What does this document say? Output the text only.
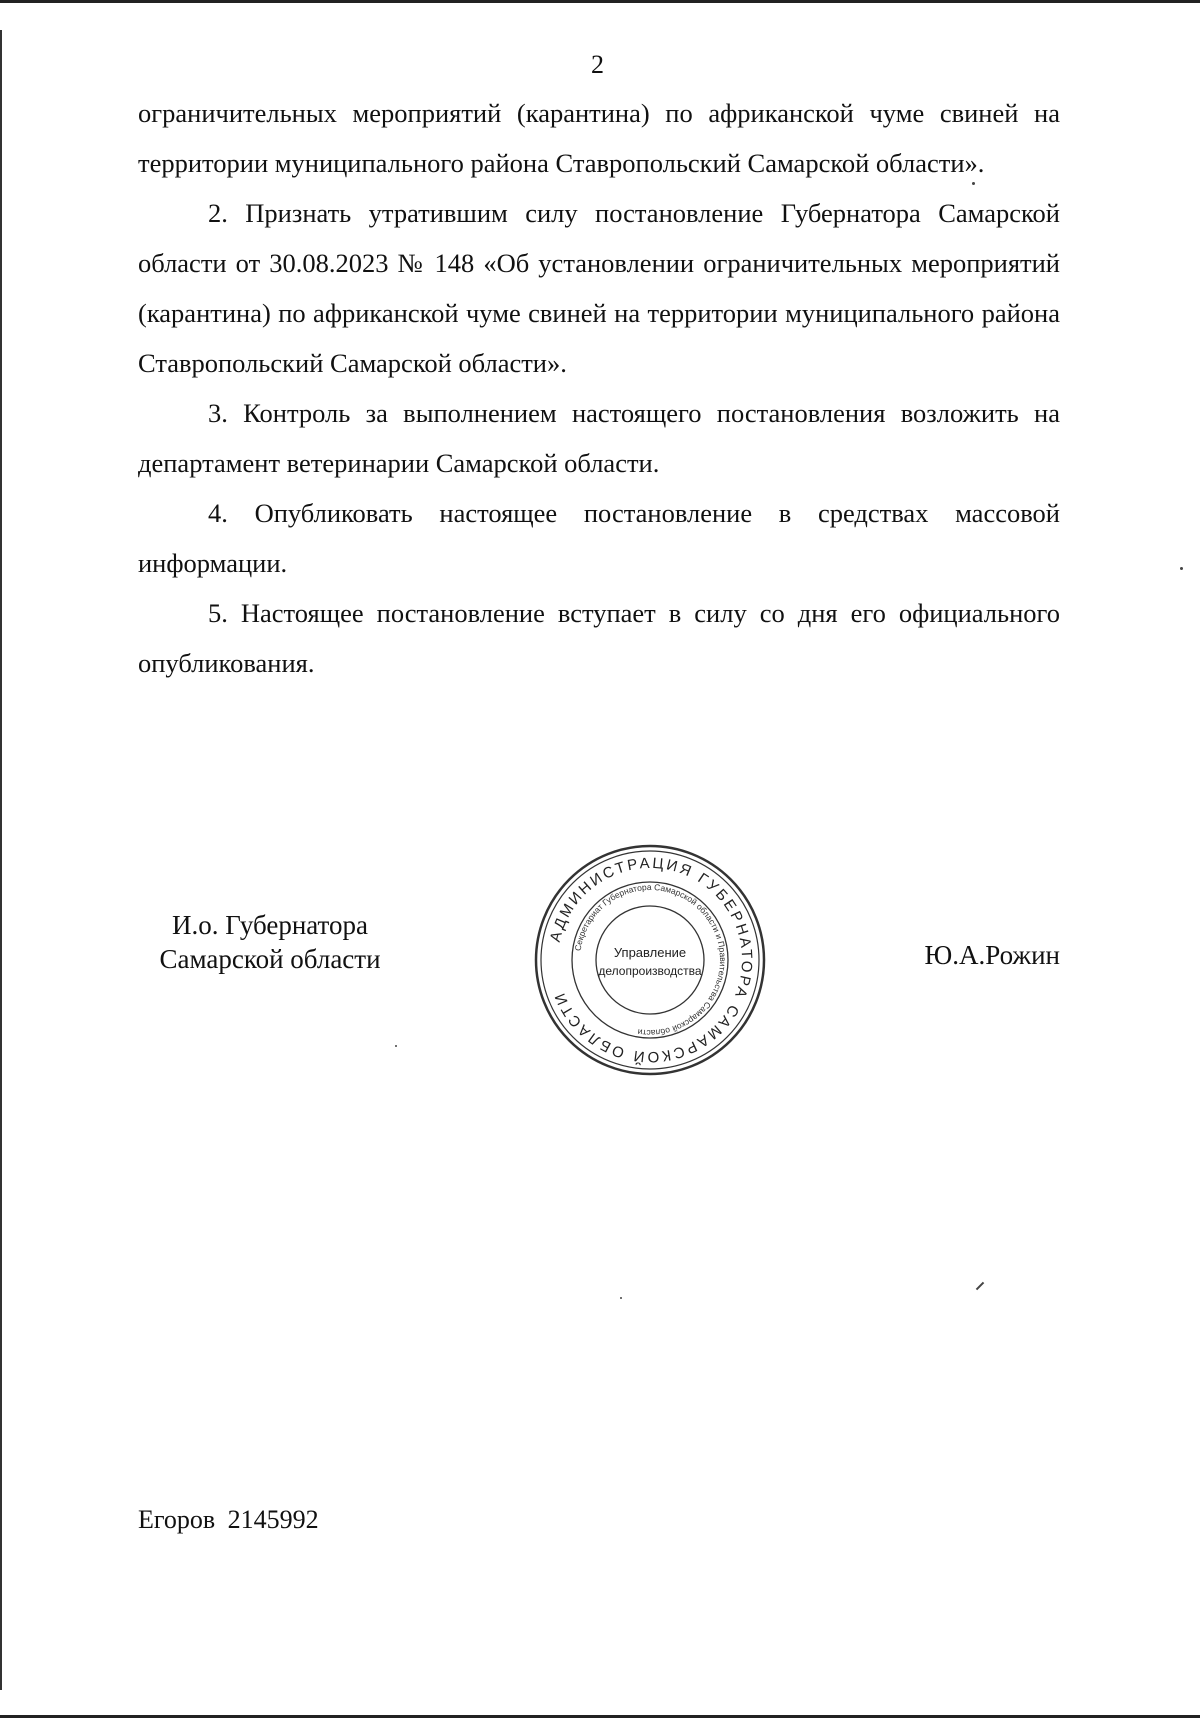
2

ограничительных мероприятий (карантина) по африканской чуме свиней на территории муниципального района Ставропольский Самарской области».

2. Признать утратившим силу постановление Губернатора Самарской области от 30.08.2023 № 148 «Об установлении ограничительных мероприятий (карантина) по африканской чуме свиней на территории муниципального района Ставропольский Самарской области».

3. Контроль за выполнением настоящего постановления возложить на департамент ветеринарии Самарской области.

4. Опубликовать настоящее постановление в средствах массовой информации.

5. Настоящее постановление вступает в силу со дня его официального опубликования.

И.о. Губернатора
Самарской области
АДМИНИСТРАЦИЯ ГУБЕРНАТОРА САМАРСКОЙ ОБЛАСТИ
Секретариат Губернатора Самарской области и Правительства Самарской области
Управление
делопроизводства
Ю.А.Рожин
Егоров 2145992
